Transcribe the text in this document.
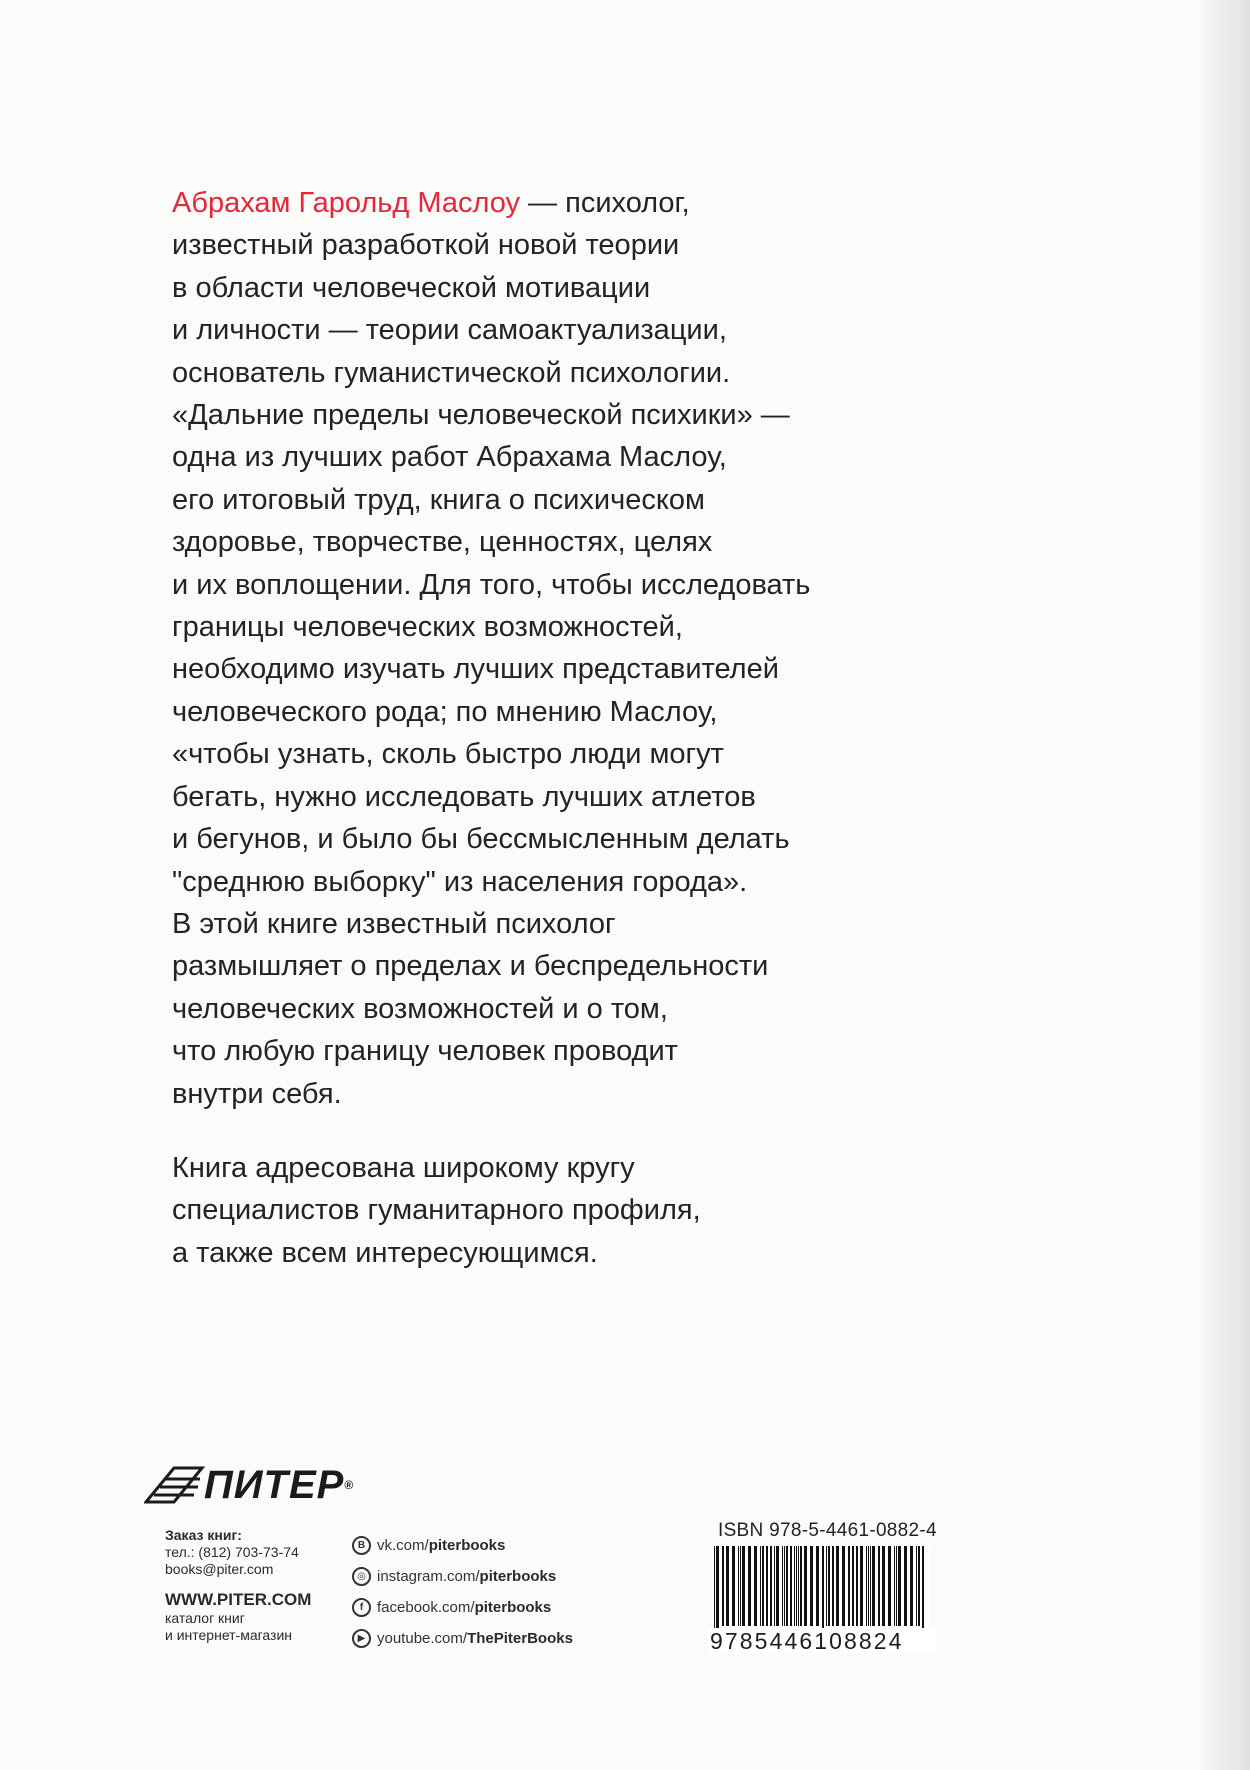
Абрахам Гарольд Маслоу — психолог,
известный разработкой новой теории
в области человеческой мотивации
и личности — теории самоактуализации,
основатель гуманистической психологии.
«Дальние пределы человеческой психики» —
одна из лучших работ Абрахама Маслоу,
его итоговый труд, книга о психическом
здоровье, творчестве, ценностях, целях
и их воплощении. Для того, чтобы исследовать
границы человеческих возможностей,
необходимо изучать лучших представителей
человеческого рода; по мнению Маслоу,
«чтобы узнать, сколь быстро люди могут
бегать, нужно исследовать лучших атлетов
и бегунов, и было бы бессмысленным делать
"среднюю выборку" из населения города».
В этой книге известный психолог
размышляет о пределах и беспредельности
человеческих возможностей и о том,
что любую границу человек проводит
внутри себя.
Книга адресована широкому кругу
специалистов гуманитарного профиля,
а также всем интересующимся.
ПИТЕР®
Заказ книг:
тел.: (812) 703-73-74
books@piter.com
WWW.PITER.COM
каталог книг
и интернет-магазин
B vk.com/ piterbooks
◎ instagram.com/ piterbooks
f facebook.com/ piterbooks
▶ youtube.com/ ThePiterBooks
ISBN 978-5-4461-0882-4
9785446108824
